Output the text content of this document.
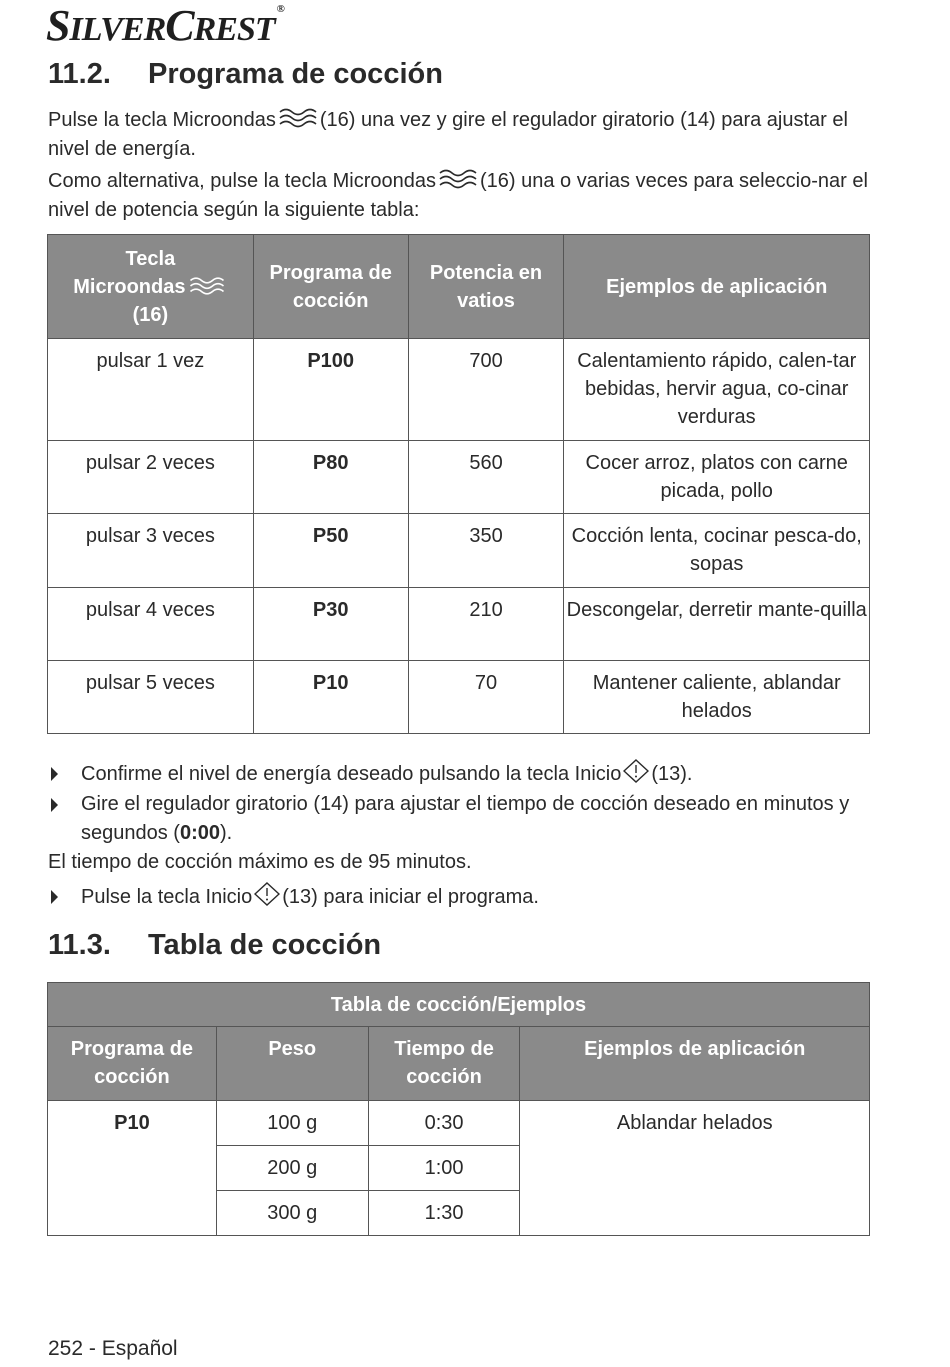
SILVERCREST®
11.2. Programa de cocción

Pulse la tecla Microondas (16) una vez y gire el regulador giratorio (14) para ajustar el nivel de energía.

Como alternativa, pulse la tecla Microondas (16) una o varias veces para seleccio-nar el nivel de potencia según la siguiente tabla:

Tecla
Microondas
(16)	Programa de cocción	Potencia en vatios	Ejemplos de aplicación
pulsar 1 vez	P100	700	Calentamiento rápido, calen-tar bebidas, hervir agua, co-cinar verduras
pulsar 2 veces	P80	560	Cocer arroz, platos con carne picada, pollo
pulsar 3 veces	P50	350	Cocción lenta, cocinar pesca-do, sopas
pulsar 4 veces	P30	210	Descongelar, derretir mante-quilla
pulsar 5 veces	P10	70	Mantener caliente, ablandar helados
Confirme el nivel de energía deseado pulsando la tecla Inicio (13).
Gire el regulador giratorio (14) para ajustar el tiempo de cocción deseado en minutos y segundos (0:00).

El tiempo de cocción máximo es de 95 minutos.

Pulse la tecla Inicio (13) para iniciar el programa.
11.3. Tabla de cocción
Tabla de cocción/Ejemplos			
Programa de cocción	Peso	Tiempo de cocción	Ejemplos de aplicación
P10	100 g	0:30	Ablandar helados
	200 g	1:00	
	300 g	1:30	
252 - Español
